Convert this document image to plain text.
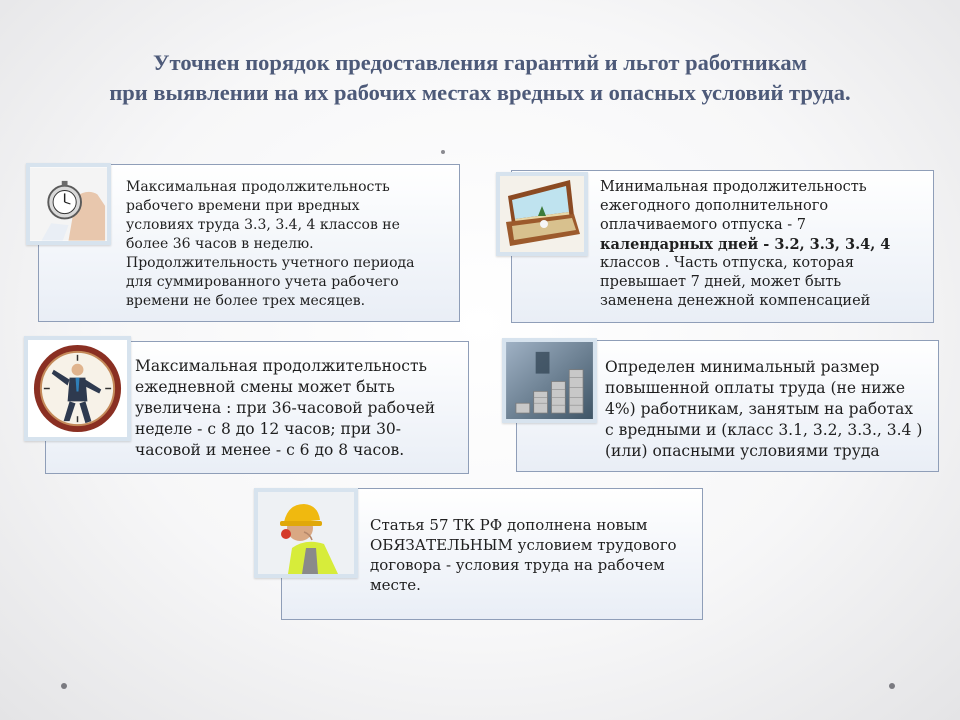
Уточнен порядок предоставления гарантий и льгот работникам
при выявлении на их рабочих местах вредных и опасных условий труда.
Максимальная продолжительность
рабочего времени при вредных
условиях труда 3.3, 3.4, 4 классов не
более 36 часов в неделю.
Продолжительность учетного периода
для суммированного учета рабочего
времени не более трех месяцев.
Минимальная продолжительность
ежегодного дополнительного
оплачиваемого отпуска - 7
календарных дней - 3.2, 3.3, 3.4, 4
классов . Часть отпуска, которая
превышает 7 дней, может быть
заменена денежной компенсацией
Максимальная продолжительность
ежедневной смены может быть
увеличена : при 36-часовой рабочей
неделе - с 8 до 12 часов; при 30-
часовой и менее - с 6 до 8 часов.
Определен минимальный размер
повышенной оплаты труда (не ниже
4%) работникам, занятым на работах
с вредными и (класс 3.1, 3.2, 3.3., 3.4 )
(или) опасными условиями труда
Статья 57 ТК РФ дополнена новым
ОБЯЗАТЕЛЬНЫМ условием трудового
договора - условия труда на рабочем
месте.
